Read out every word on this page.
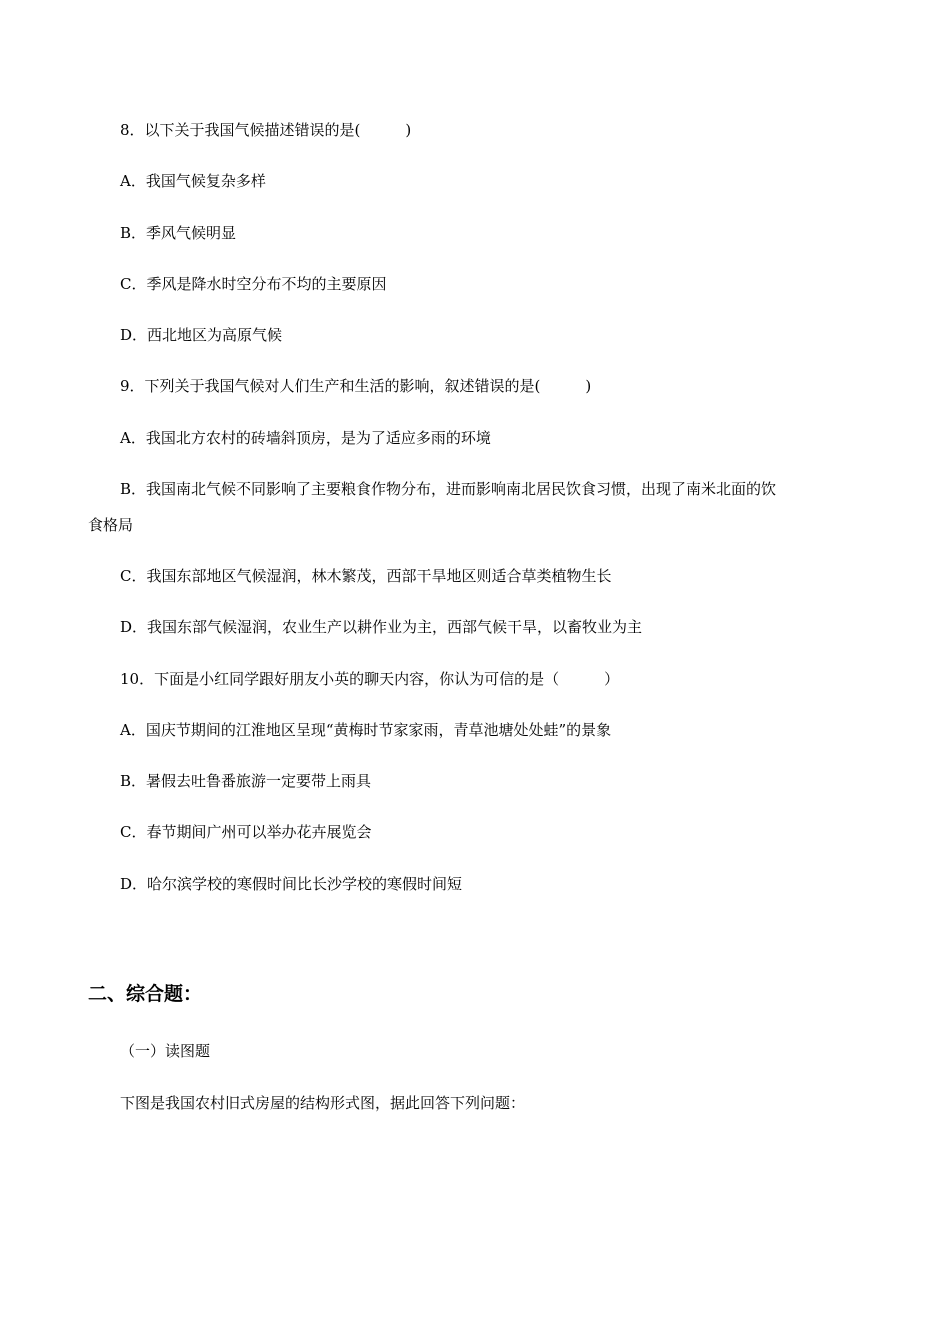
8．以下关于我国气候描述错误的是(　　　)
A．我国气候复杂多样
B．季风气候明显
C．季风是降水时空分布不均的主要原因
D．西北地区为高原气候
9．下列关于我国气候对人们生产和生活的影响，叙述错误的是(　　　)
A．我国北方农村的砖墙斜顶房，是为了适应多雨的环境
B．我国南北气候不同影响了主要粮食作物分布，进而影响南北居民饮食习惯，出现了南米北面的饮
食格局
C．我国东部地区气候湿润，林木繁茂，西部干旱地区则适合草类植物生长
D．我国东部气候湿润，农业生产以耕作业为主，西部气候干旱，以畜牧业为主
10．下面是小红同学跟好朋友小英的聊天内容，你认为可信的是（　　　）
A．国庆节期间的江淮地区呈现“黄梅时节家家雨，青草池塘处处蛙”的景象
B．暑假去吐鲁番旅游一定要带上雨具
C．春节期间广州可以举办花卉展览会
D．哈尔滨学校的寒假时间比长沙学校的寒假时间短
二、综合题：
（一）读图题
下图是我国农村旧式房屋的结构形式图，据此回答下列问题：
